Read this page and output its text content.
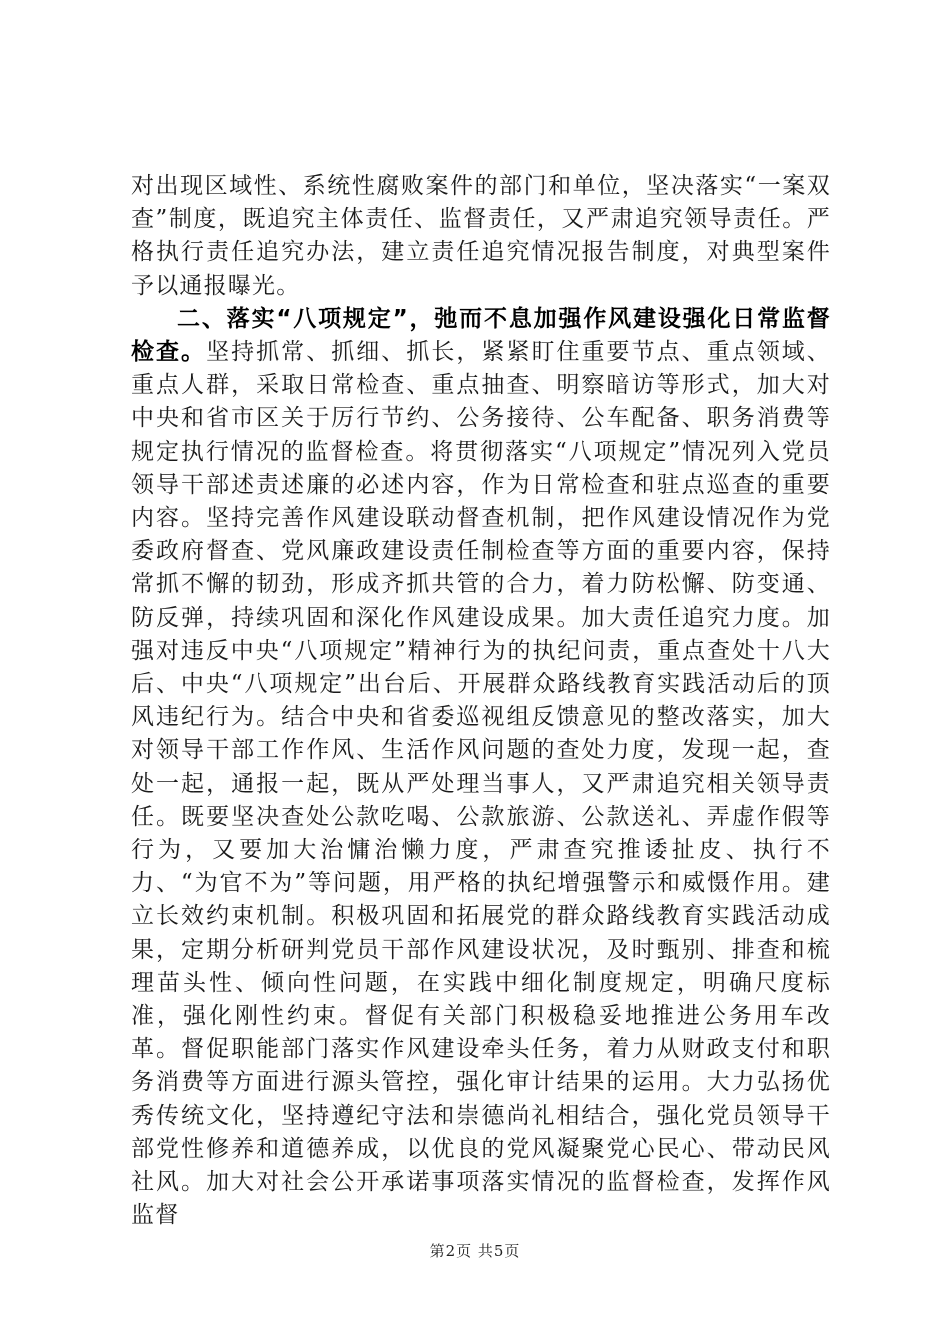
对出现区域性、系统性腐败案件的部门和单位，坚决落实“一案双查”制度，既追究主体责任、监督责任，又严肃追究领导责任。严格执行责任追究办法，建立责任追究情况报告制度，对典型案件予以通报曝光。

二、落实“八项规定”，弛而不息加强作风建设强化日常监督检查。坚持抓常、抓细、抓长，紧紧盯住重要节点、重点领域、重点人群，采取日常检查、重点抽查、明察暗访等形式，加大对中央和省市区关于厉行节约、公务接待、公车配备、职务消费等规定执行情况的监督检查。将贯彻落实“八项规定”情况列入党员领导干部述责述廉的必述内容，作为日常检查和驻点巡查的重要内容。坚持完善作风建设联动督查机制，把作风建设情况作为党委政府督查、党风廉政建设责任制检查等方面的重要内容，保持常抓不懈的韧劲，形成齐抓共管的合力，着力防松懈、防变通、防反弹，持续巩固和深化作风建设成果。加大责任追究力度。加强对违反中央“八项规定”精神行为的执纪问责，重点查处十八大后、中央“八项规定”出台后、开展群众路线教育实践活动后的顶风违纪行为。结合中央和省委巡视组反馈意见的整改落实，加大对领导干部工作作风、生活作风问题的查处力度，发现一起，查处一起，通报一起，既从严处理当事人，又严肃追究相关领导责任。既要坚决查处公款吃喝、公款旅游、公款送礼、弄虚作假等行为，又要加大治慵治懒力度，严肃查究推诿扯皮、执行不力、“为官不为”等问题，用严格的执纪增强警示和威慑作用。建立长效约束机制。积极巩固和拓展党的群众路线教育实践活动成果，定期分析研判党员干部作风建设状况，及时甄别、排查和梳理苗头性、倾向性问题，在实践中细化制度规定，明确尺度标准，强化刚性约束。督促有关部门积极稳妥地推进公务用车改革。督促职能部门落实作风建设牵头任务，着力从财政支付和职务消费等方面进行源头管控，强化审计结果的运用。大力弘扬优秀传统文化，坚持遵纪守法和崇德尚礼相结合，强化党员领导干部党性修养和道德养成，以优良的党风凝聚党心民心、带动民风社风。加大对社会公开承诺事项落实情况的监督检查，发挥作风监督

第2页 共5页
